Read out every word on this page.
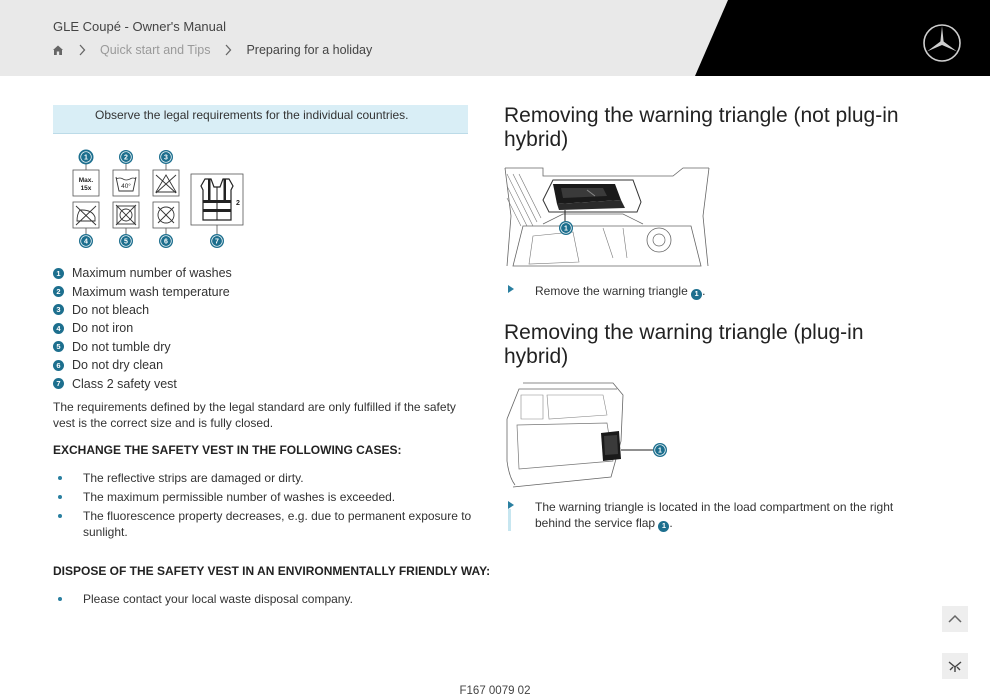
GLE Coupé - Owner's Manual
Quick start and Tips	Preparing for a holiday
Observe the legal requirements for the individual countries.
Max.
15x	40°
2
1	2	3
4	5	6	7
1 Maximum number of washes
2 Maximum wash temperature
3 Do not bleach
4 Do not iron
5 Do not tumble dry
6 Do not dry clean
7 Class 2 safety vest
The requirements defined by the legal standard are only fulfilled if the safety vest is the correct size and is fully closed.
EXCHANGE THE SAFETY VEST IN THE FOLLOWING CASES:
The reflective strips are damaged or dirty.
The maximum permissible number of washes is exceeded.
The fluorescence property decreases, e.g. due to permanent exposure to sunlight.
DISPOSE OF THE SAFETY VEST IN AN ENVIRONMENTALLY FRIENDLY WAY:
Please contact your local waste disposal company.
Removing the warning triangle (not plug-in hybrid)
1
Remove the warning triangle 1 .
Removing the warning triangle (plug-in hybrid)
1
The warning triangle is located in the load compartment on the right behind the service flap 1 .
F167 0079 02
